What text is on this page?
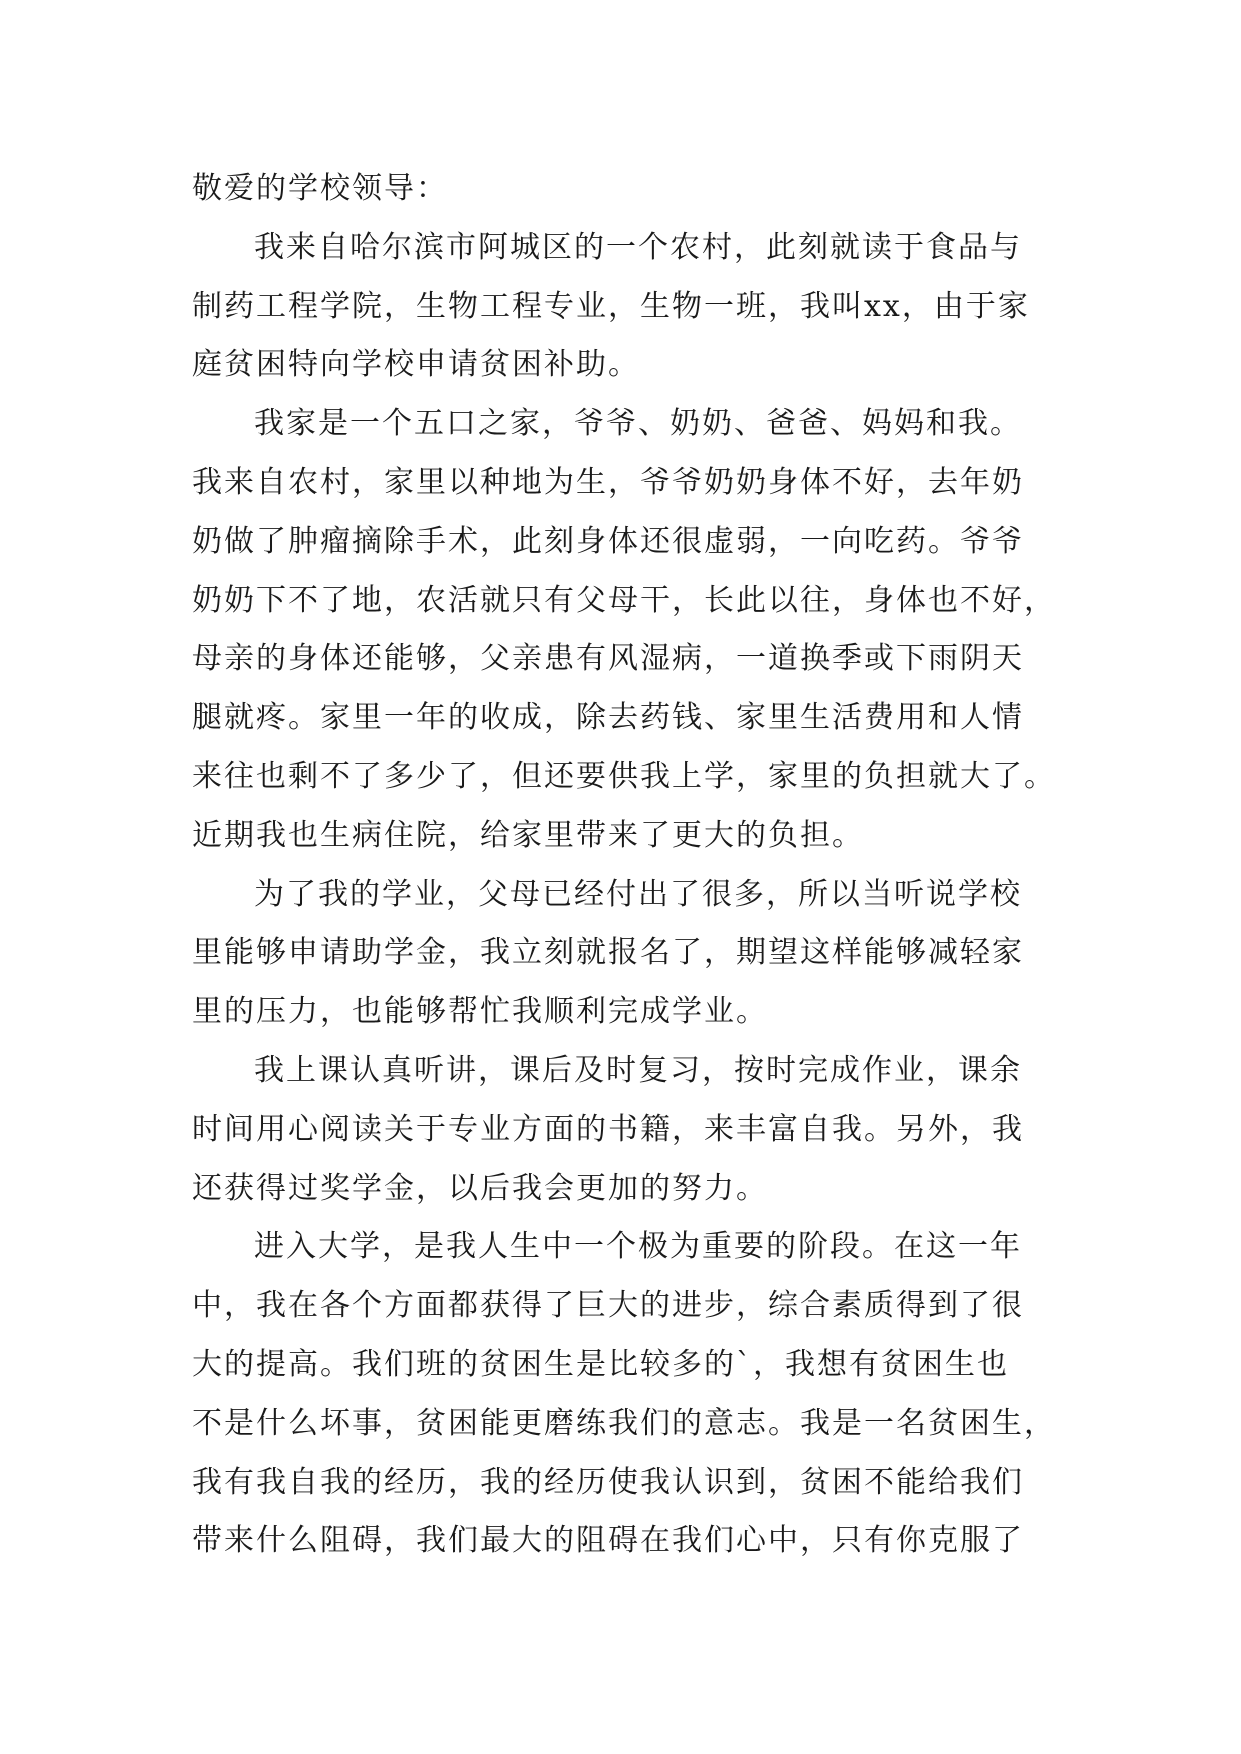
敬爱的学校领导：
我来自哈尔滨市阿城区的一个农村，此刻就读于食品与
制药工程学院，生物工程专业，生物一班，我叫xx，由于家
庭贫困特向学校申请贫困补助。
我家是一个五口之家，爷爷、奶奶、爸爸、妈妈和我。
我来自农村，家里以种地为生，爷爷奶奶身体不好，去年奶
奶做了肿瘤摘除手术，此刻身体还很虚弱，一向吃药。爷爷
奶奶下不了地，农活就只有父母干，长此以往，身体也不好，
母亲的身体还能够，父亲患有风湿病，一道换季或下雨阴天
腿就疼。家里一年的收成，除去药钱、家里生活费用和人情
来往也剩不了多少了，但还要供我上学，家里的负担就大了。
近期我也生病住院，给家里带来了更大的负担。
为了我的学业，父母已经付出了很多，所以当听说学校
里能够申请助学金，我立刻就报名了，期望这样能够减轻家
里的压力，也能够帮忙我顺利完成学业。
我上课认真听讲，课后及时复习，按时完成作业，课余
时间用心阅读关于专业方面的书籍，来丰富自我。另外，我
还获得过奖学金，以后我会更加的努力。
进入大学，是我人生中一个极为重要的阶段。在这一年
中，我在各个方面都获得了巨大的进步，综合素质得到了很
大的提高。我们班的贫困生是比较多的`，我想有贫困生也
不是什么坏事，贫困能更磨练我们的意志。我是一名贫困生，
我有我自我的经历，我的经历使我认识到，贫困不能给我们
带来什么阻碍，我们最大的阻碍在我们心中，只有你克服了
